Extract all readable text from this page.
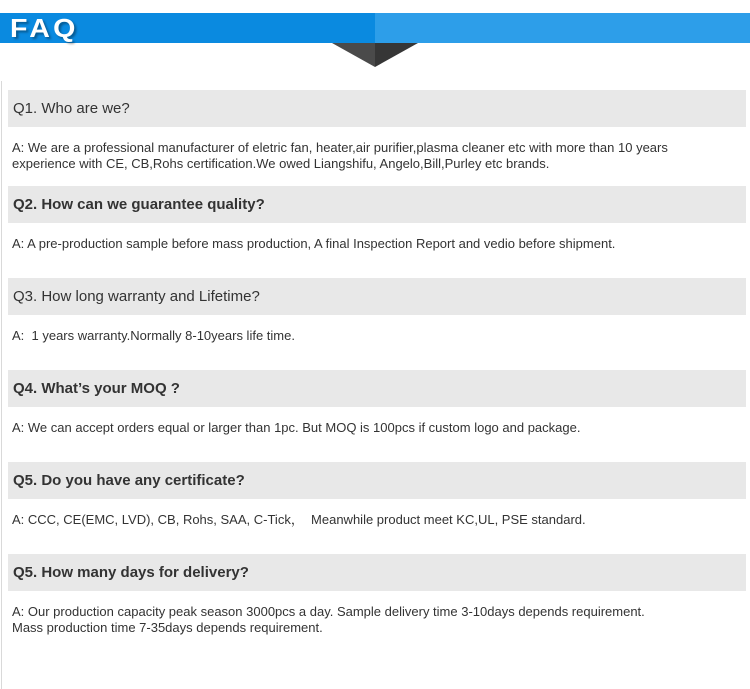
FAQ
Q1. Who are we?
A: We are a professional manufacturer of eletric fan, heater,air purifier,plasma cleaner etc with more than 10 years
experience with CE, CB,Rohs certification.We owed Liangshifu, Angelo,Bill,Purley etc brands.
Q2. How can we guarantee quality?
A: A pre-production sample before mass production, A final Inspection Report and vedio before shipment.
Q3. How long warranty and Lifetime?
A:  1 years warranty.Normally 8-10years life time.
Q4. What’s your MOQ ?
A: We can accept orders equal or larger than 1pc. But MOQ is 100pcs if custom logo and package.
Q5. Do you have any certificate?
A: CCC, CE(EMC, LVD), CB, Rohs, SAA, C-Tick，  Meanwhile product meet KC,UL, PSE standard.
Q5. How many days for delivery?
A: Our production capacity peak season 3000pcs a day. Sample delivery time 3-10days depends requirement.
Mass production time 7-35days depends requirement.
